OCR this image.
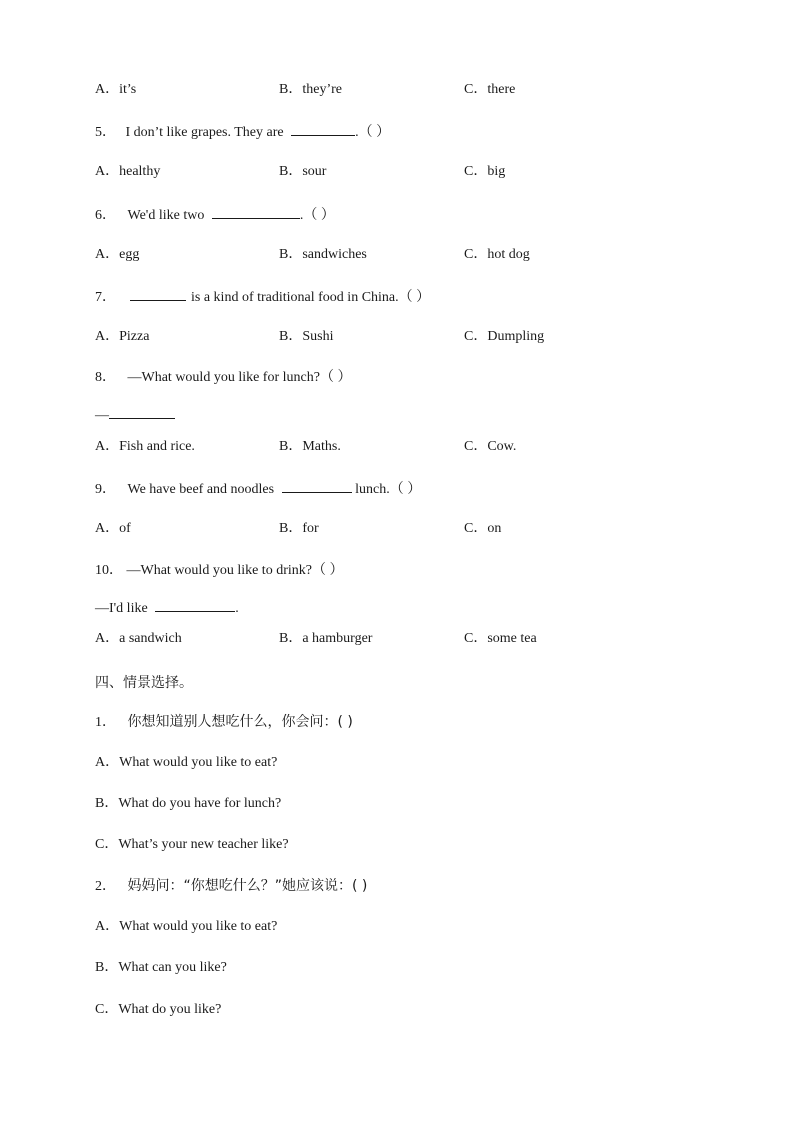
A．it’s	B．they’re	C．there
5． I don’t like grapes. They are	.（ ）
A．healthy	B．sour	C．big
6． We'd like two	.（ ）
A．egg	B．sandwiches	C．hot dog
7．	is a kind of traditional food in China.（ ）
A．Pizza	B．Sushi	C．Dumpling
8． —What would you like for lunch?（ ）
—
A．Fish and rice.	B．Maths.	C．Cow.
9． We have beef and noodles	lunch.（ ）
A．of	B．for	C．on
10． —What would you like to drink?（ ）
—I'd like	.
A．a sandwich	B．a hamburger	C．some tea
四、情景选择。
1． 你想知道别人想吃什么，你会问：( )
A．What would you like to eat?
B．What do you have for lunch?
C．What’s your new teacher like?
2． 妈妈问：“你想吃什么？”她应该说：( )
A．What would you like to eat?
B．What can you like?
C．What do you like?
